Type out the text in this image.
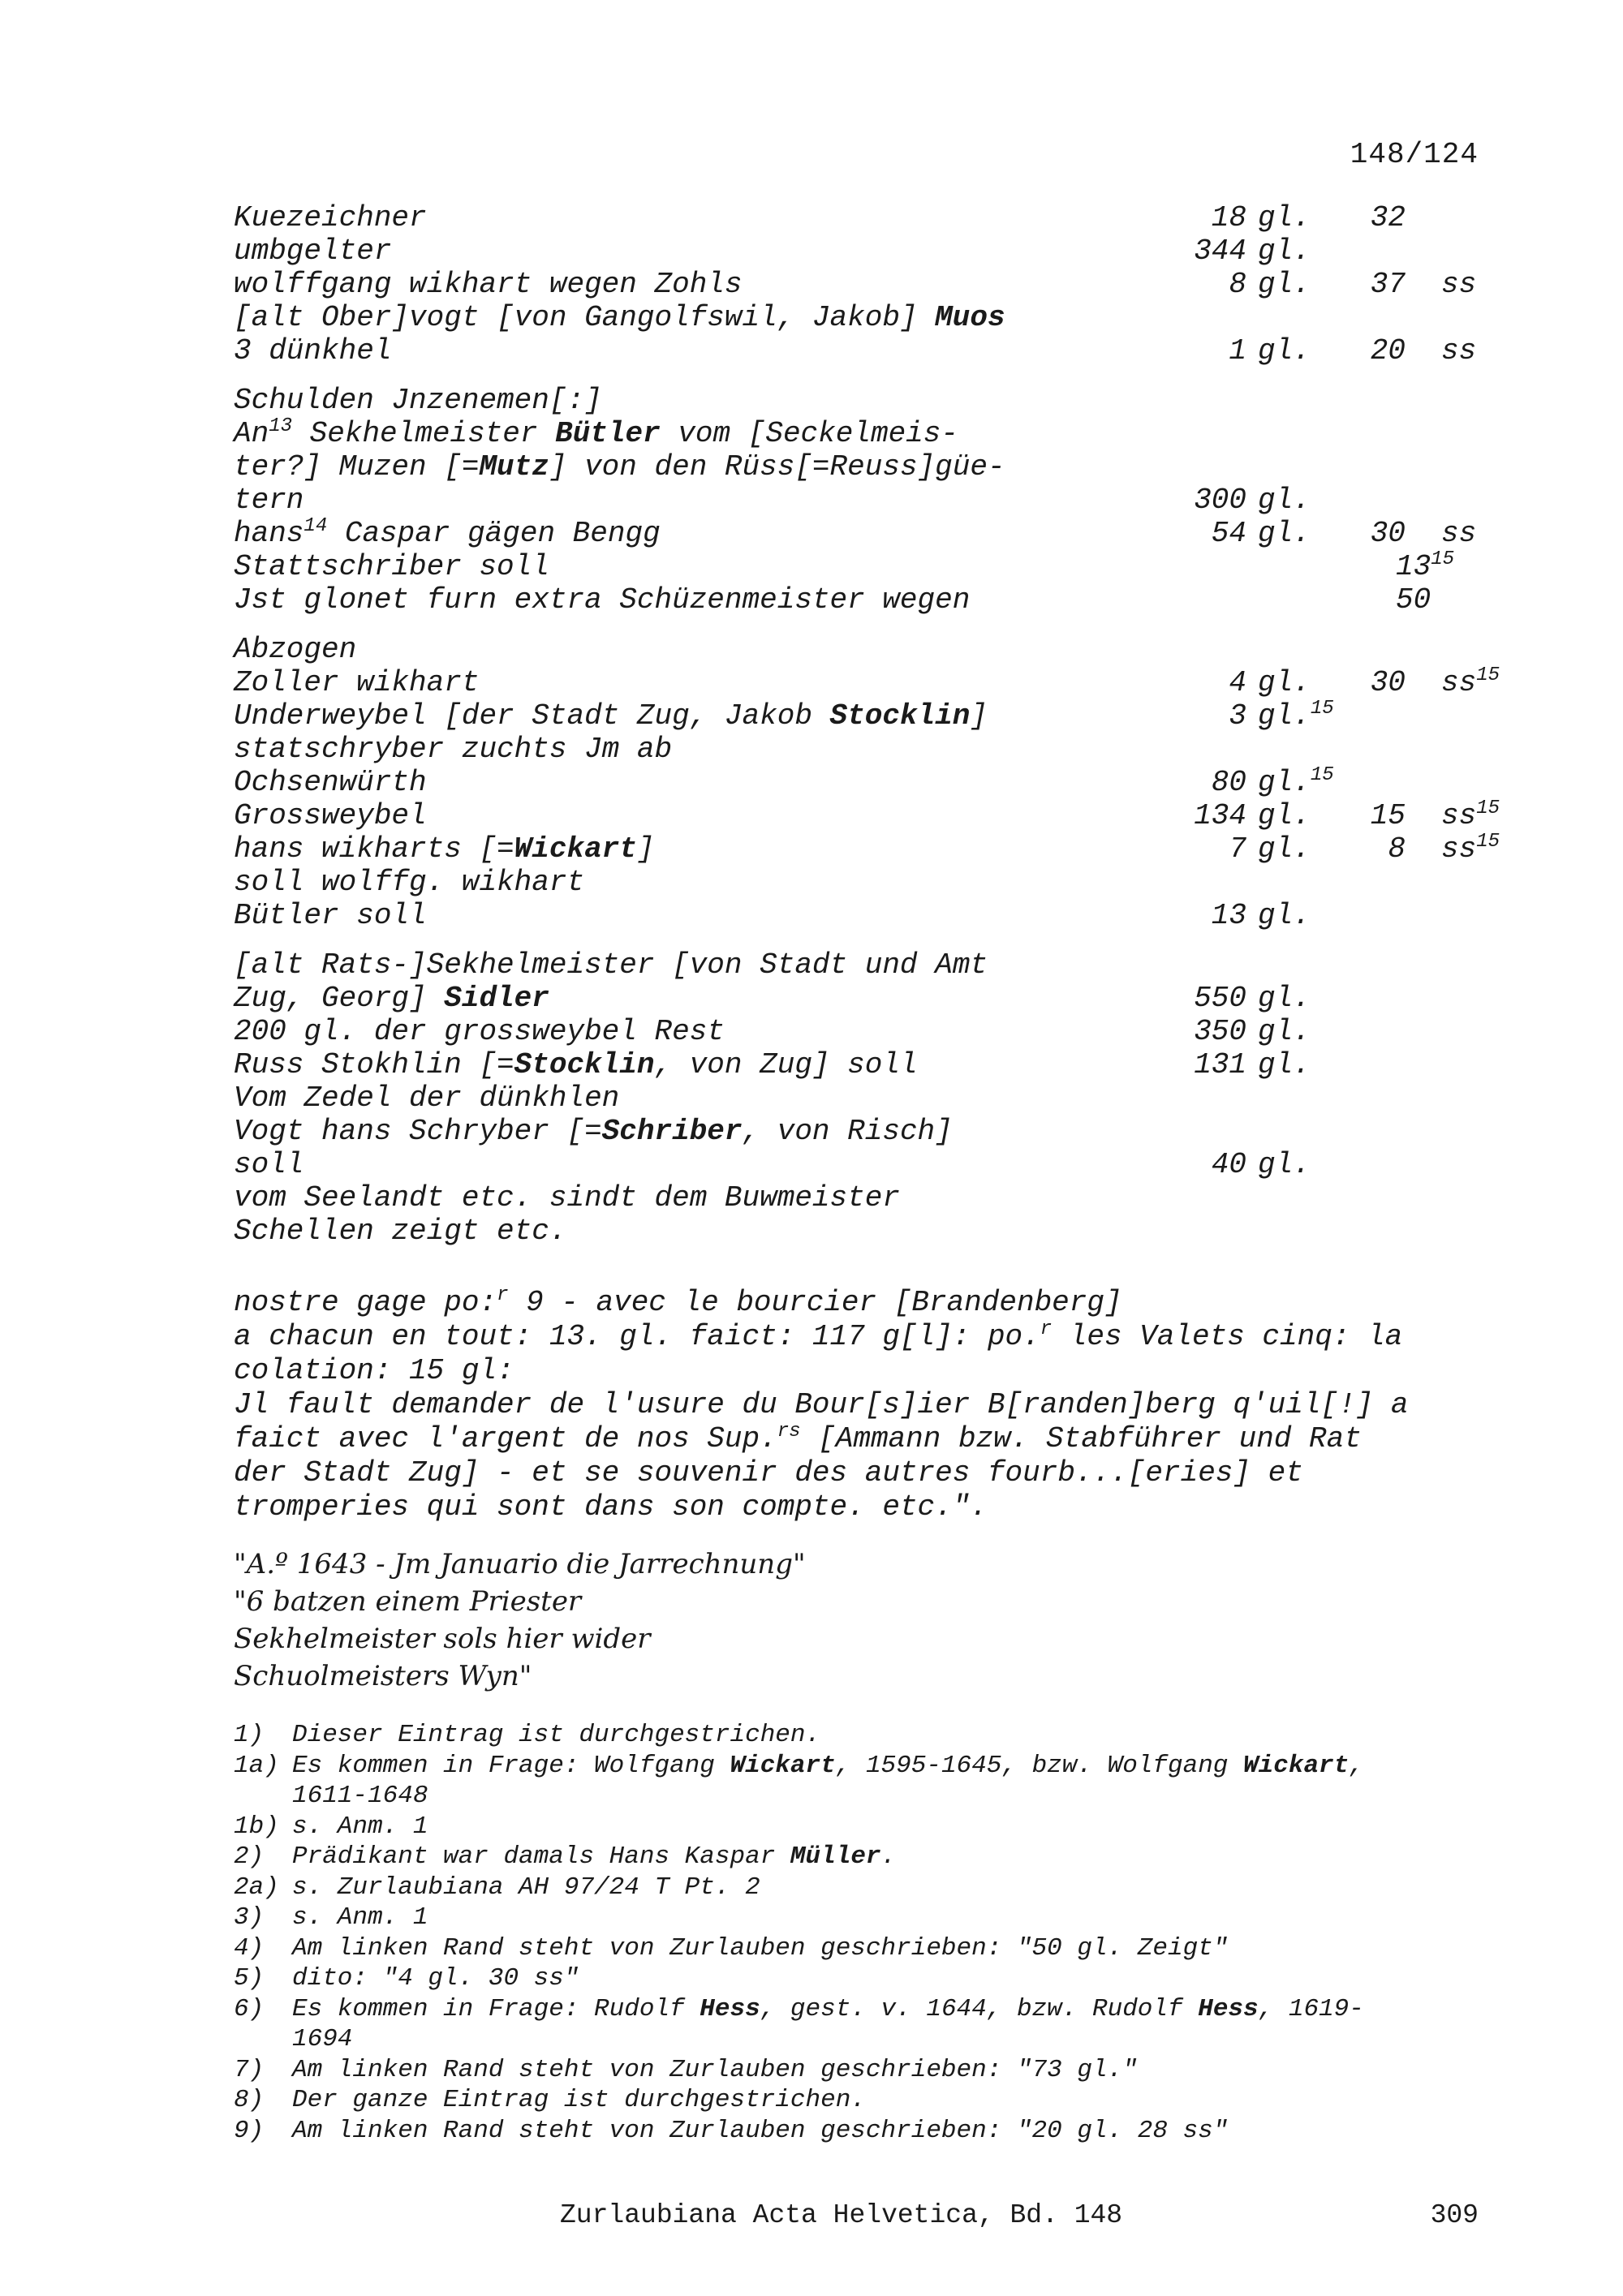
148/124
Kuezeichner	18 gl.	32
umbgelter	344 gl.
wolffgang wikhart wegen Zohls	8 gl.	37 ss
[alt Ober]vogt [von Gangolfswil, Jakob] Muos
3 dünkhel	1 gl.	20 ss
Schulden Jnzenemen[:]
An$^{13}$ Sekhelmeister Bütler vom [Seckelmeis-
ter?] Muzen [=Mutz] von den Rüss[=Reuss]güe-
tern	300 gl.
hans$^{14}$ Caspar gägen Bengg	54 gl.	30 ss
Stattschriber soll	$13^{15}$
Jst glonet furn extra Schüzenmeister wegen	50
Abzogen
Zoller wikhart	4 gl.	30 $ss^{15}$
Underweybel [der Stadt Zug, Jakob Stocklin]	3 gl.$^{15}$
statschryber zuchts Jm ab
Ochsenwürth	80 gl.$^{15}$
Grossweybel	134 gl.	15 $ss^{15}$
hans wikharts [=Wickart]	7 gl.	8 $ss^{15}$
soll wolffg. wikhart
Bütler soll	13 gl.
[alt Rats-]Sekhelmeister [von Stadt und Amt
Zug, Georg] Sidler	550 gl.
200 gl. der grossweybel Rest	350 gl.
Russ Stokhlin [=Stocklin, von Zug] soll	131 gl.
Vom Zedel der dünkhlen
Vogt hans Schryber [=Schriber, von Risch]
soll	40 gl.
vom Seelandt etc. sindt dem Buwmeister
Schellen zeigt etc.
nostre gage po:$^r$ 9 - avec le bourcier [Brandenberg]
a chacun en tout: 13. gl. faict: 117 g[l]: po.$^r$ les Valets cinq: la
colation: 15 gl:
Jl fault demander de l'usure du Bour[s]ier B[randen]berg q'uil[!] a
faict avec l'argent de nos Sup.$^{rs}$ [Ammann bzw. Stabführer und Rat
der Stadt Zug] - et se souvenir des autres fourb...[eries] et
tromperies qui sont dans son compte. etc.".
"A.º 1643 - Jm Januario die Jarrechnung"
"6 batzen einem Priester
Sekhelmeister sols hier wider
Schuolmeisters Wyn"
1) Dieser Eintrag ist durchgestrichen.
1a) Es kommen in Frage: Wolfgang Wickart, 1595-1645, bzw. Wolfgang Wickart,
1611-1648
1b) s. Anm. 1
2) Prädikant war damals Hans Kaspar Müller.
2a) s. Zurlaubiana AH 97/24 T Pt. 2
3) s. Anm. 1
4) Am linken Rand steht von Zurlauben geschrieben: "50 gl. Zeigt"
5) dito: "4 gl. 30 ss"
6) Es kommen in Frage: Rudolf Hess, gest. v. 1644, bzw. Rudolf Hess, 1619-
1694
7) Am linken Rand steht von Zurlauben geschrieben: "73 gl."
8) Der ganze Eintrag ist durchgestrichen.
9) Am linken Rand steht von Zurlauben geschrieben: "20 gl. 28 ss"
Zurlaubiana Acta Helvetica, Bd. 148	309
